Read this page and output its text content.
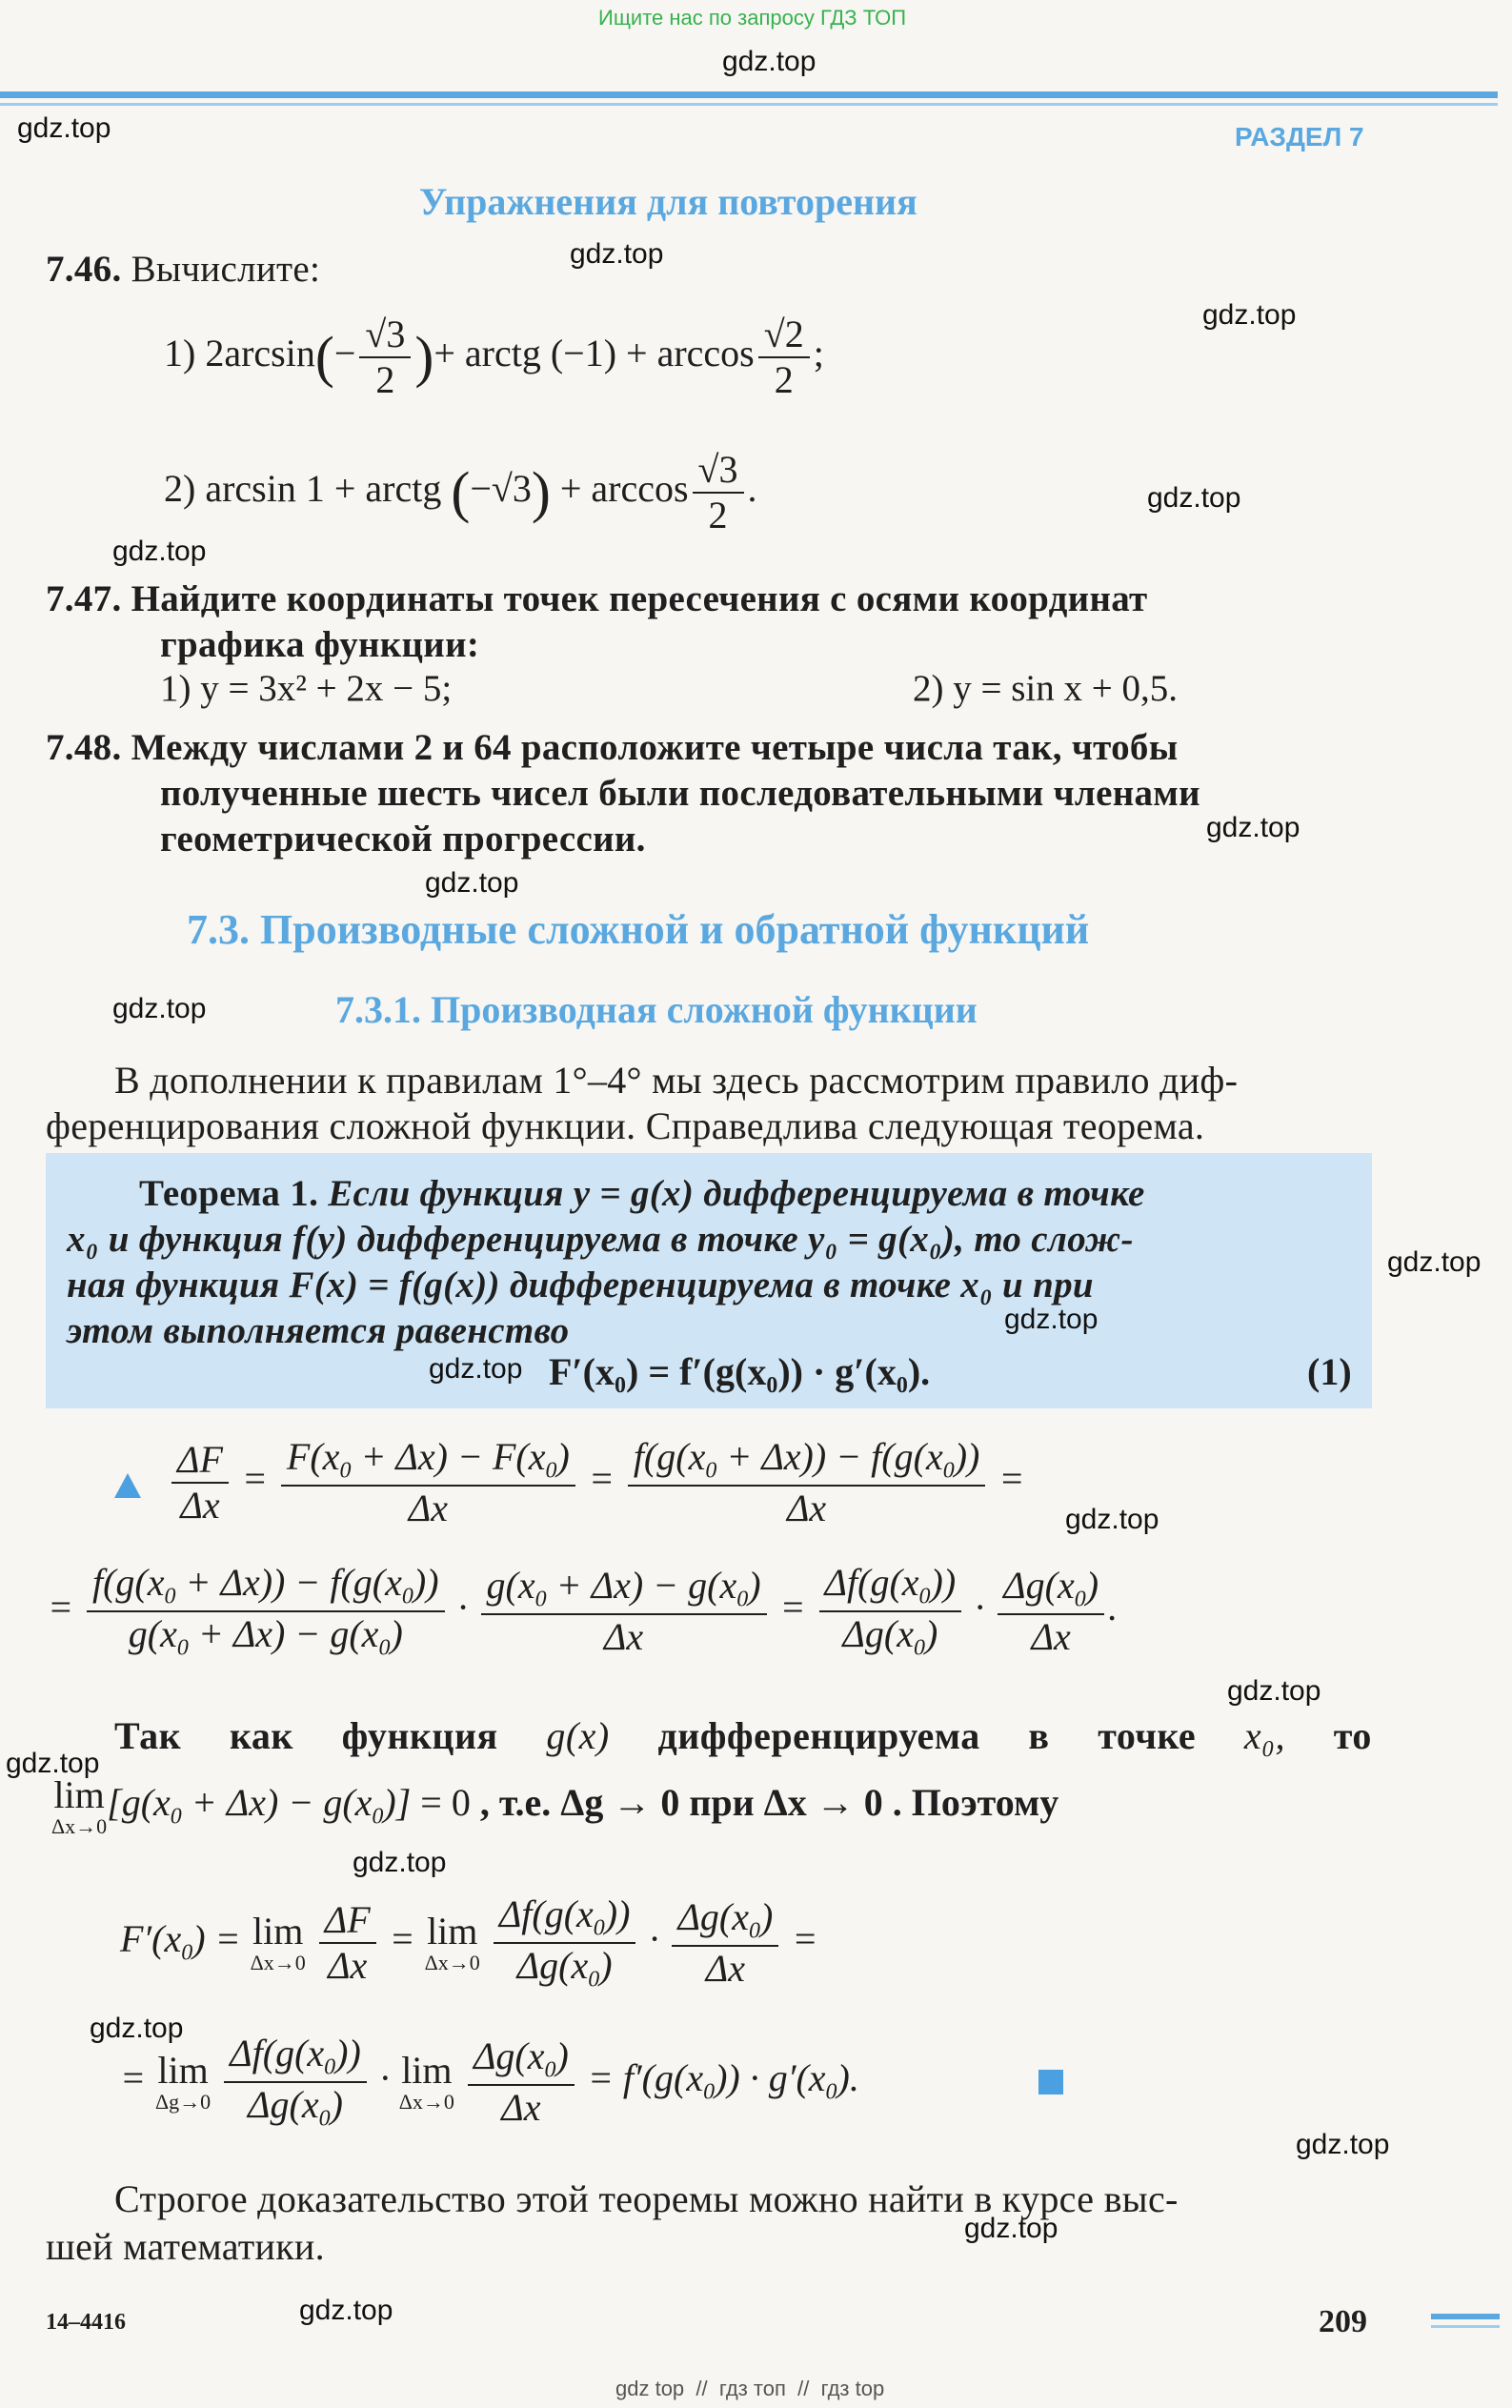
Ищите нас по запросу ГДЗ ТОП
gdz.top
gdz.top	РАЗДЕЛ 7
Упражнения для повторения
gdz.top
7.46. Вычислите:
gdz.top
1) $2\arcsin(- \frac{√3}{2}$ )+ arctg $(-1) + \arccos \frac{√2}{2}$ ;
2) arcsin 1 + arctg $(-√3) + \arccos \frac{√3}{2}$ .	gdz.top
gdz.top
7.47. Найдите координаты точек пересечения с осями координат
графика функции:
1) y = 3x² + 2x − 5;	2) y = sin x + 0,5.
7.48. Между числами 2 и 64 расположите четыре числа так, чтобы
полученные шесть чисел были последовательными членами
геометрической прогрессии.	gdz.top
gdz.top
7.3. Производные сложной и обратной функций
gdz.top	7.3.1. Производная сложной функции
В дополнении к правилам 1°–4° мы здесь рассмотрим правило диф-
ференцирования сложной функции. Справедлива следующая теорема.
Теорема 1. Если функция y = g(x) дифференцируема в точке
x₀ и функция f(y) дифференцируема в точке y₀ = g(x₀), то слож-
gdz.top
ная функция F(x) = f(g(x)) дифференцируема в точке x₀ и при
этом выполняется равенство	gdz.top
gdz.top F′(x₀) = f′(g(x₀)) · g′(x₀).	(1)
$\frac{\Delta F}{\Delta x} = \frac{F(x_0 + \Delta x) - F(x_0)}{\Delta x} = \frac{f(g(x_0 + \Delta x)) - f(g(x_0))}{\Delta x}$ =
gdz.top
= $\frac{f(g(x_0 + \Delta x)) - f(g(x_0))}{g(x_0 + \Delta x) - g(x_0)} \cdot \frac{g(x_0 + \Delta x) - g(x_0)}{\Delta x} = \frac{\Delta f(g(x_0))}{\Delta g(x_0)} \cdot \frac{\Delta g(x_0)}{\Delta x}$ .
gdz.top
Так как функция g(x) дифференцируема в точке x₀, то
gdz.top
lim
Δx→0
$[g(x_0 + \Delta x) - g(x_0)] = 0$ , т.е. Δg → 0 при Δx → 0 . Поэтому
gdz.top
$F'(x_0) = \lim$
Δx→0
$\frac{\Delta F}{\Delta x} = \lim$
Δx→0
$\frac{\Delta f(g(x_0))}{\Delta g(x_0)} \cdot \frac{\Delta g(x_0)}{\Delta x}$ =
gdz.top
= lim
Δg→0
$\frac{\Delta f(g(x_0))}{\Delta g(x_0)} \cdot \lim$
Δx→0
$\frac{\Delta g(x_0)}{\Delta x} = f'(g(x_0)) \cdot g'(x_0)$.
gdz.top
Строгое доказательство этой теоремы можно найти в курсе выс-
gdz.top
шей математики.
14–4416	gdz.top	209
gdz top  //  гдз топ  //  гдз top
